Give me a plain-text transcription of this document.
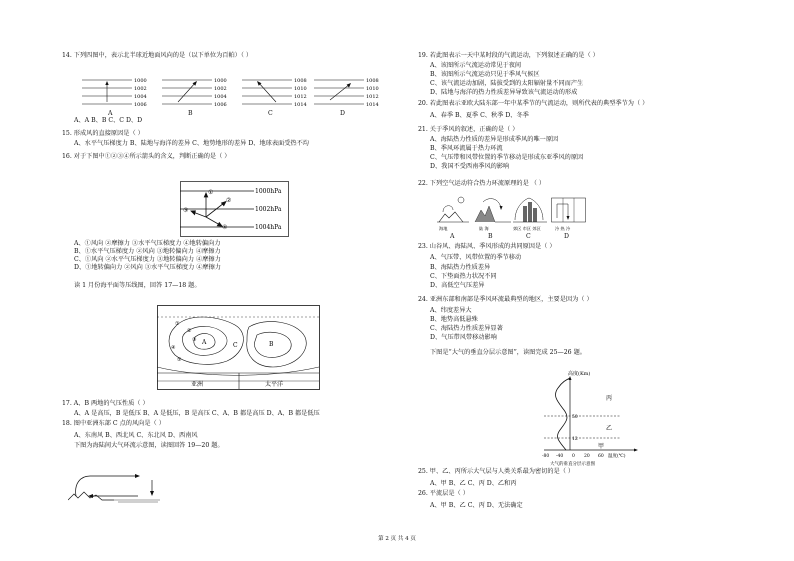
14. 下列四图中，表示北半球近地面风向的是（以下单位为百帕）（ ）
1000
1002
1004
1006
1000
1002
1004
1006
1008
1010
1012
1014
1008
1010
1012
1014
A	B	C	D
A、A B、B C、C D、D
15. 形成风的直接原因是（ ）
A、水平气压梯度力 B、陆地与海洋的差异 C、地势地形的差异 D、地球表面受热不均
16. 对于下图中①②③④所示箭头的含义，判断正确的是（ ）
1000hPa
1002hPa
1004hPa
①
②
③
④
A、①风向 ②摩擦力 ③水平气压梯度力 ④地转偏向力
B、①水平气压梯度力 ②风向 ③地转偏向力 ④摩擦力
C、①风向 ②水平气压梯度力 ③地转偏向力 ④摩擦力
D、①地转偏向力 ②风向 ③水平气压梯度力 ④摩擦力
读 1 月份海平面等压线图，回答 17—18 题。
A	B
C
①
②
③
④
⑤
亚洲	太平洋
17. A、B 两地的气压性质（ ）
A、A 是高压，B 是低压 B、A 是低压，B 是高压 C、A、B 都是高压 D、A、B 都是低压
18. 图中亚洲东部 C 点的风向是（ ）
A、东南风 B、西北风 C、东北风 D、西南风
下图为海陆间大气环流示意图，读图回答 19—20 题。
19. 若此图表示一天中某时段的气流运动，下列叙述正确的是（ ）
A、该图所示气流运动常见于夜间
B、该图所示气流运动只见于季风气候区
C、该气流运动加剧，陆拔受到的太阳辐射量不同而产生
D、陆地与海洋的热力性质差异导致该气流运动的形成
20. 若此图表示亚欧大陆东部一年中某季节的气流运动，则所代表的典型季节为（ ）
A、春季 B、夏季 C、秋季 D、冬季
21. 关于季风的叙述，正确的是（ ）
A、海陆热力性质的差异是形成季风的唯一原因
B、季风环流属于热力环流
C、气压带和风带位置的季节移动是形成东亚季风的原因
D、我国不受西南季风的影响
22. 下列空气运动符合热力环流原理的是 （ ）
海地	陆 海	郊区 市区 郊区	冷 热 冷
A	B	C	D
23. 山谷风、海陆风、季风形成的共同原因是（ ）
A、气压带、风带位置的季节移动
B、海陆热力性质差异
C、下垫面热力状况不同
D、高低空气压差异
24. 亚洲东部和南部是季风环流最典型的地区，主要是因为（ ）
A、纬度差异大
B、地势高低悬殊
C、海陆热力性质差异显著
D、气压带风带移动影响
下图是“大气的垂直分层示意图”，读图完成 25—26 题。
高度(Km)
50
12
丙
乙
甲
-80 -40 0 20 60 温度(℃)
大气的垂直分层示意图
25. 甲、乙、丙所示大气层与人类关系最为密切的是（ ）
A、甲 B、乙 C、丙 D、乙和丙
26. 平流层是（ ）
A、甲 B、乙 C、丙 D、无法确定
第 2 页 共 4 页
